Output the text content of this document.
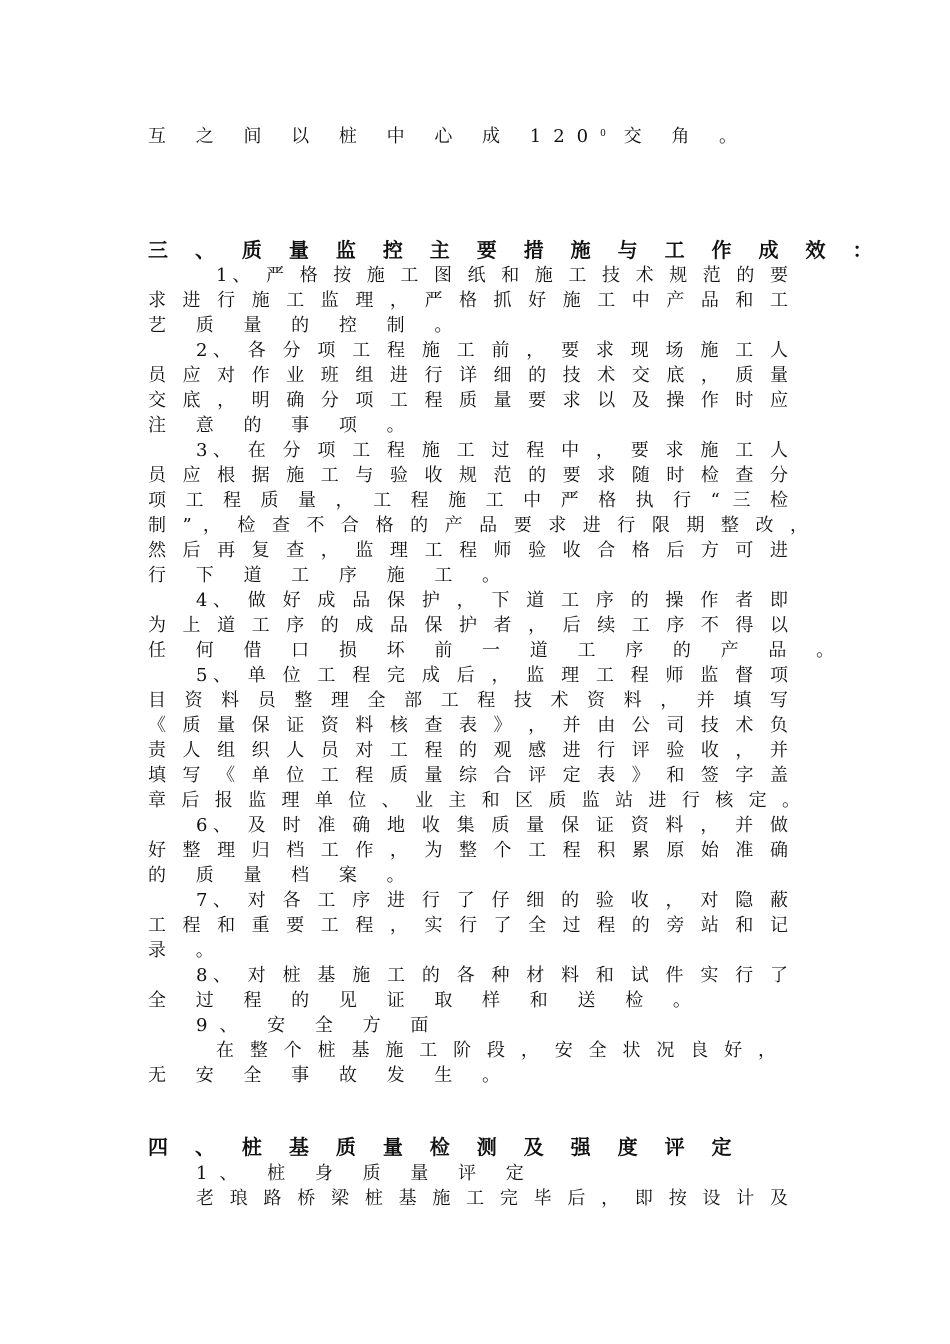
互 之 间 以 桩 中 心 成 $120^0$ 交 角 。
三 、 质 量 监 控 主 要 措 施 与 工 作 成 效 ：
1、 严 格 按 施 工 图 纸 和 施 工 技 术 规 范 的 要
求 进 行 施 工 监 理 ， 严 格 抓 好 施 工 中 产 品 和 工
艺 质 量 的 控 制 。
2、 各 分 项 工 程 施 工 前 ， 要 求 现 场 施 工 人
员 应 对 作 业 班 组 进 行 详 细 的 技 术 交 底 ， 质 量
交 底 ， 明 确 分 项 工 程 质 量 要 求 以 及 操 作 时 应
注 意 的 事 项 。
3、 在 分 项 工 程 施 工 过 程 中 ， 要 求 施 工 人
员 应 根 据 施 工 与 验 收 规 范 的 要 求 随 时 检 查 分
项 工 程 质 量 ， 工 程 施 工 中 严 格 执 行 “ 三 检
制 ” ， 检 查 不 合 格 的 产 品 要 求 进 行 限 期 整 改 ，
然 后 再 复 查 ， 监 理 工 程 师 验 收 合 格 后 方 可 进
行 下 道 工 序 施 工 。
4、 做 好 成 品 保 护 ， 下 道 工 序 的 操 作 者 即
为 上 道 工 序 的 成 品 保 护 者 ， 后 续 工 序 不 得 以
任 何 借 口 损 坏 前 一 道 工 序 的 产 品 。
5、 单 位 工 程 完 成 后 ， 监 理 工 程 师 监 督 项
目 资 料 员 整 理 全 部 工 程 技 术 资 料 ， 并 填 写
《 质 量 保 证 资 料 核 查 表 》 ， 并 由 公 司 技 术 负
责 人 组 织 人 员 对 工 程 的 观 感 进 行 评 验 收 ， 并
填 写 《 单 位 工 程 质 量 综 合 评 定 表 》 和 签 字 盖
章 后 报 监 理 单 位 、 业 主 和 区 质 监 站 进 行 核 定 。
6、 及 时 准 确 地 收 集 质 量 保 证 资 料 ， 并 做
好 整 理 归 档 工 作 ， 为 整 个 工 程 积 累 原 始 准 确
的 质 量 档 案 。
7、 对 各 工 序 进 行 了 仔 细 的 验 收 ， 对 隐 蔽
工 程 和 重 要 工 程 ， 实 行 了 全 过 程 的 旁 站 和 记
录 。
8、 对 桩 基 施 工 的 各 种 材 料 和 试 件 实 行 了
全 过 程 的 见 证 取 样 和 送 检 。
9、 安 全 方 面
在 整 个 桩 基 施 工 阶 段 ， 安 全 状 况 良 好 ，
无 安 全 事 故 发 生 。
四 、 桩 基 质 量 检 测 及 强 度 评 定
1、 桩 身 质 量 评 定
老 琅 路 桥 梁 桩 基 施 工 完 毕 后 ， 即 按 设 计 及
